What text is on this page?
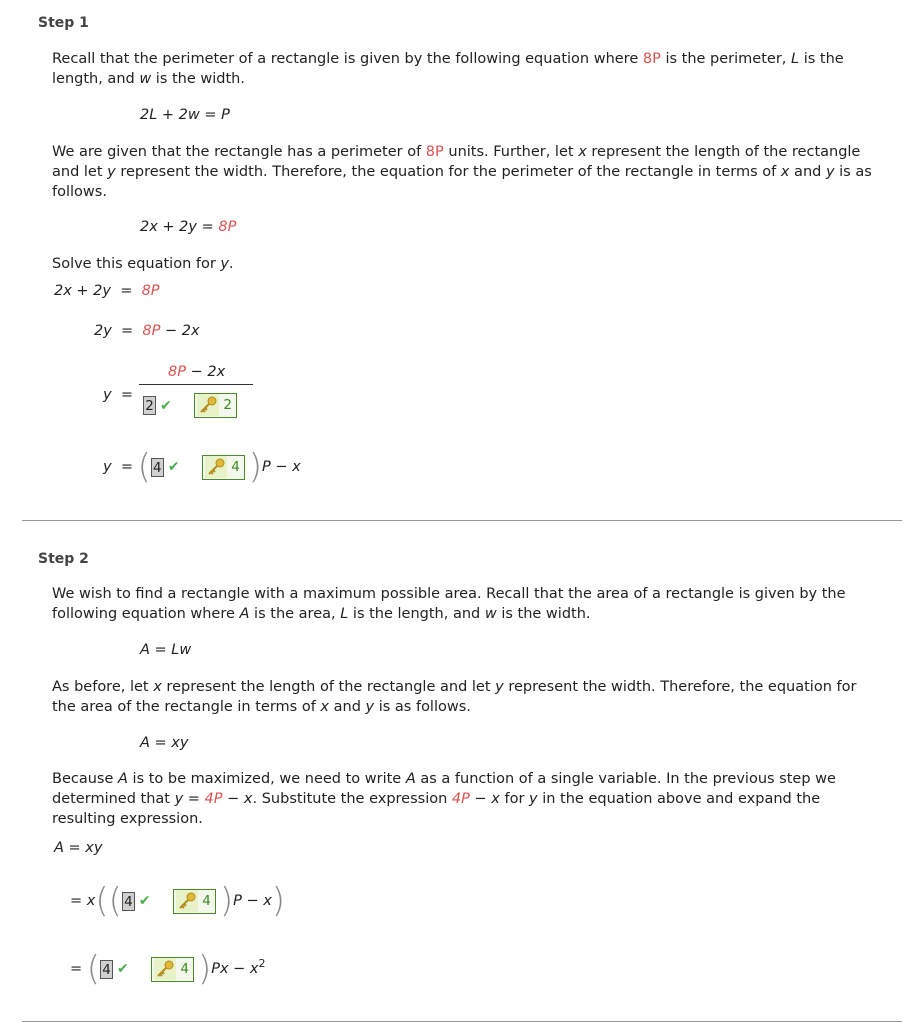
Step 1
Recall that the perimeter of a rectangle is given by the following equation where 8P is the perimeter, L is the length, and w is the width.
2L + 2w = P
We are given that the rectangle has a perimeter of 8P units. Further, let x represent the length of the rectangle and let y represent the width. Therefore, the equation for the perimeter of the rectangle in terms of x and y is as follows.
2x + 2y = 8P
Solve this equation for y.
2x + 2y = 8P
2y = 8P − 2x
y =
8P − 2x
2 ✔	2
y = ( 4 ✔	4 )P − x
Step 2
We wish to find a rectangle with a maximum possible area. Recall that the area of a rectangle is given by the following equation where A is the area, L is the length, and w is the width.
A = Lw
As before, let x represent the length of the rectangle and let y represent the width. Therefore, the equation for the area of the rectangle in terms of x and y is as follows.
A = xy
Because A is to be maximized, we need to write A as a function of a single variable. In the previous step we determined that y = 4P − x. Substitute the expression 4P − x for y in the equation above and expand the resulting expression.
A = xy
= x(( 4 ✔	4 )P − x)
= ( 4 ✔	4 )$Px - x^2$
